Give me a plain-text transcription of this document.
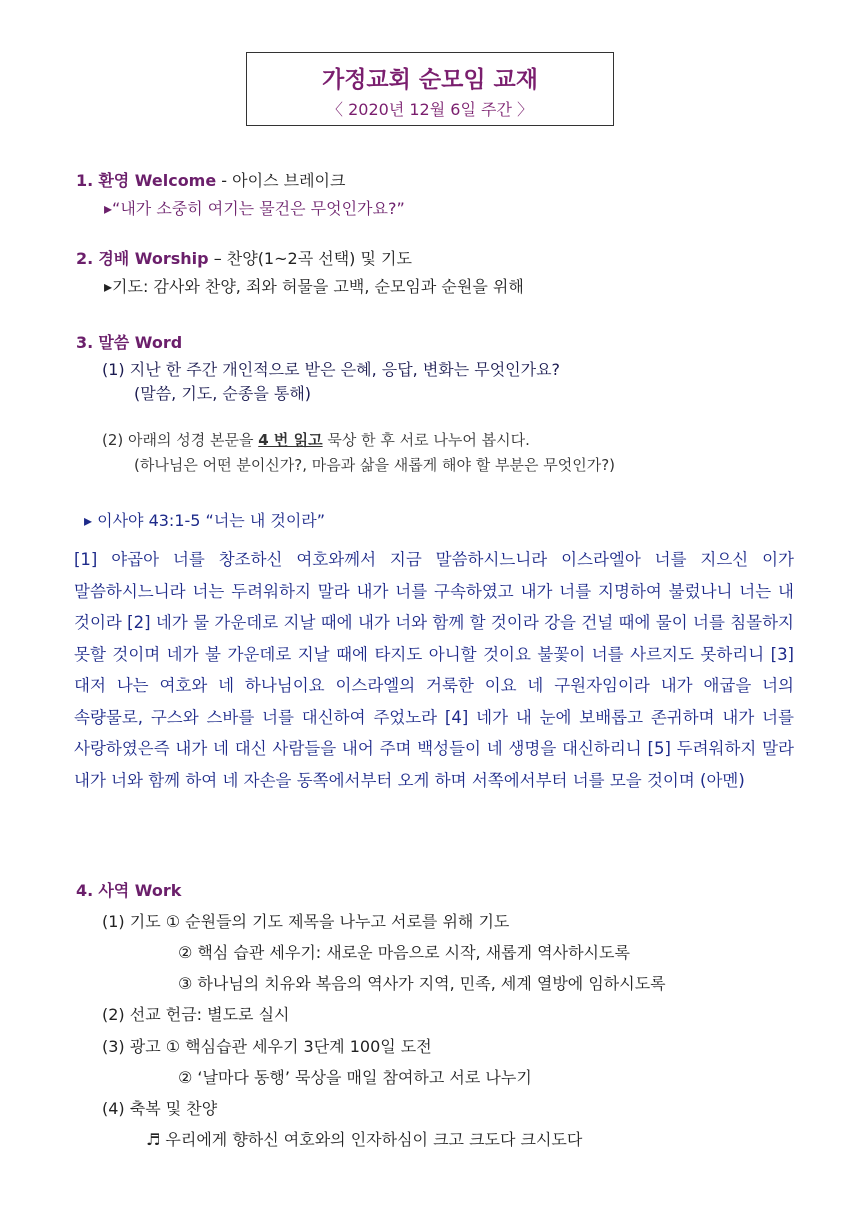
가정교회 순모임 교재
〈 2020년 12월 6일 주간 〉
1. 환영 Welcome - 아이스 브레이크
▸“내가 소중히 여기는 물건은 무엇인가요?”
2. 경배 Worship – 찬양(1~2곡 선택) 및 기도
▸기도: 감사와 찬양, 죄와 허물을 고백, 순모임과 순원을 위해
3. 말씀 Word
(1) 지난 한 주간 개인적으로 받은 은혜, 응답, 변화는 무엇인가요?
(말씀, 기도, 순종을 통해)
(2) 아래의 성경 본문을 4 번 읽고 묵상 한 후 서로 나누어 봅시다.
(하나님은 어떤 분이신가?, 마음과 삶을 새롭게 해야 할 부분은 무엇인가?)
▸ 이사야 43:1-5 “너는 내 것이라”
[1] 야곱아 너를 창조하신 여호와께서 지금 말씀하시느니라 이스라엘아 너를 지으신 이가 말씀하시느니라 너는 두려워하지 말라 내가 너를 구속하였고 내가 너를 지명하여 불렀나니 너는 내 것이라 [2] 네가 물 가운데로 지날 때에 내가 너와 함께 할 것이라 강을 건널 때에 물이 너를 침몰하지 못할 것이며 네가 불 가운데로 지날 때에 타지도 아니할 것이요 불꽃이 너를 사르지도 못하리니 [3] 대저 나는 여호와 네 하나님이요 이스라엘의 거룩한 이요 네 구원자임이라 내가 애굽을 너의 속량물로, 구스와 스바를 너를 대신하여 주었노라 [4] 네가 내 눈에 보배롭고 존귀하며 내가 너를 사랑하였은즉 내가 네 대신 사람들을 내어 주며 백성들이 네 생명을 대신하리니 [5] 두려워하지 말라 내가 너와 함께 하여 네 자손을 동쪽에서부터 오게 하며 서쪽에서부터 너를 모을 것이며 (아멘)
4. 사역 Work
(1) 기도 ① 순원들의 기도 제목을 나누고 서로를 위해 기도
② 핵심 습관 세우기: 새로운 마음으로 시작, 새롭게 역사하시도록
③ 하나님의 치유와 복음의 역사가 지역, 민족, 세계 열방에 임하시도록
(2) 선교 헌금: 별도로 실시
(3) 광고 ① 핵심습관 세우기 3단계 100일 도전
② ‘날마다 동행’ 묵상을 매일 참여하고 서로 나누기
(4) 축복 및 찬양
♬ 우리에게 향하신 여호와의 인자하심이 크고 크도다 크시도다
